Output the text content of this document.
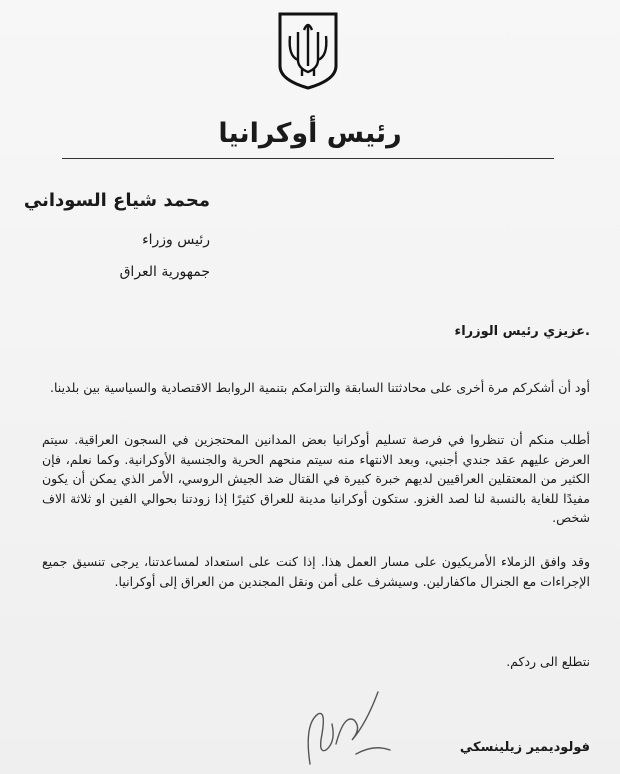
رئيس أوكرانيا
محمد شياع السوداني
رئيس وزراء
جمهورية العراق
.عزيزي رئيس الوزراء
أود أن أشكركم مرة أخرى على محادثتنا السابقة والتزامكم بتنمية الروابط الاقتصادية والسياسية بين بلدينا.
أطلب منكم أن تنظروا في فرصة تسليم أوكرانيا بعض المدانين المحتجزين في السجون العراقية. سيتم العرض عليهم عقد جندي أجنبي، وبعد الانتهاء منه سيتم منحهم الحرية والجنسية الأوكرانية. وكما نعلم، فإن الكثير من المعتقلين العراقيين لديهم خبرة كبيرة في القتال ضد الجيش الروسي، الأمر الذي يمكن أن يكون مفيدًا للغاية بالنسبة لنا لصد الغزو. ستكون أوكرانيا مدينة للعراق كثيرًا إذا زودتنا بحوالي الفين او ثلاثة الاف شخص.
وقد وافق الزملاء الأمريكيون على مسار العمل هذا. إذا كنت على استعداد لمساعدتنا، يرجى تنسيق جميع الإجراءات مع الجنرال ماكفارلين. وسيشرف على أمن ونقل المجندين من العراق إلى أوكرانيا.
نتطلع الى ردكم.
فولوديمير زيلينسكي
